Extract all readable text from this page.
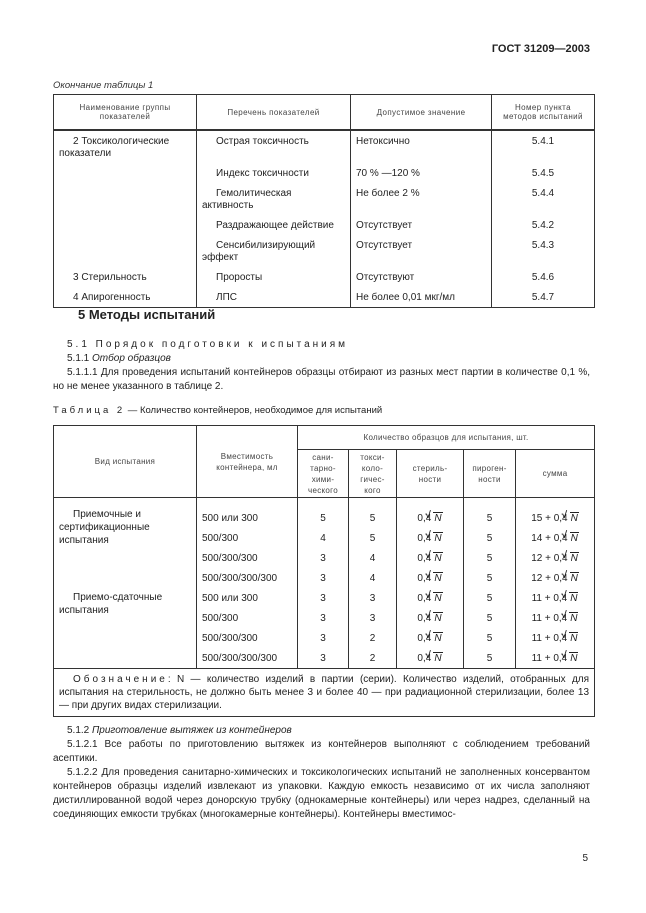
ГОСТ 31209—2003
Окончание таблицы 1
Наименование группы показателей	Перечень показателей	Допустимое значение	Номер пункта методов испытаний
2 Токсикологические показатели	Острая токсичность	Нетоксично	5.4.1
	Индекс токсичности	70 % —120 %	5.4.5
	Гемолитическая активность	Не более 2 %	5.4.4
	Раздражающее действие	Отсутствует	5.4.2
	Сенсибилизирующий эффект	Отсутствует	5.4.3
3 Стерильность	Проросты	Отсутствуют	5.4.6
4 Апирогенность	ЛПС	Не более 0,01 мкг/мл	5.4.7
5 Методы испытаний
5.1 Порядок подготовки к испытаниям
5.1.1 Отбор образцов
5.1.1.1 Для проведения испытаний контейнеров образцы отбирают из разных мест партии в количестве 0,1 %, но не менее указанного в таблице 2.
Таблица 2 — Количество контейнеров, необходимое для испытаний
Вид испытания	Вместимость контейнера, мл	Количество образцов для испытания, шт.				
		сани-тарно-хими-ческого	токси-коло-гичес-кого	стериль-ности	пироген-ности	сумма
Приемочные и сертификационные испытания	500 или 300	5	5	0,4 √ N	5	15 + 0,4 √ N
	500/300	4	5	0,4 √ N	5	14 + 0,4 √ N
	500/300/300	3	4	0,4 √ N	5	12 + 0,4 √ N
	500/300/300/300	3	4	0,4 √ N	5	12 + 0,4 √ N
Приемо-сдаточные испытания	500 или 300	3	3	0,4 √ N	5	11 + 0,4 √ N
	500/300	3	3	0,4 √ N	5	11 + 0,4 √ N
	500/300/300	3	2	0,4 √ N	5	11 + 0,4 √ N
	500/300/300/300	3	2	0,4 √ N	5	11 + 0,4 √ N
Обозначение: N — количество изделий в партии (серии). Количество изделий, отобранных для испытания на стерильность, не должно быть менее 3 и более 40 — при радиационной стерилизации, более 13 — при других видах стерилизации.						
5.1.2 Приготовление вытяжек из контейнеров
5.1.2.1 Все работы по приготовлению вытяжек из контейнеров выполняют с соблюдением требований асептики.
5.1.2.2 Для проведения санитарно-химических и токсикологических испытаний не заполненных консервантом контейнеров образцы изделий извлекают из упаковки. Каждую емкость независимо от их числа заполняют дистиллированной водой через донорскую трубку (однокамерные контейнеры) или через надрез, сделанный на соединяющих емкости трубках (многокамерные контейнеры). Контейнеры вместимос-
5
